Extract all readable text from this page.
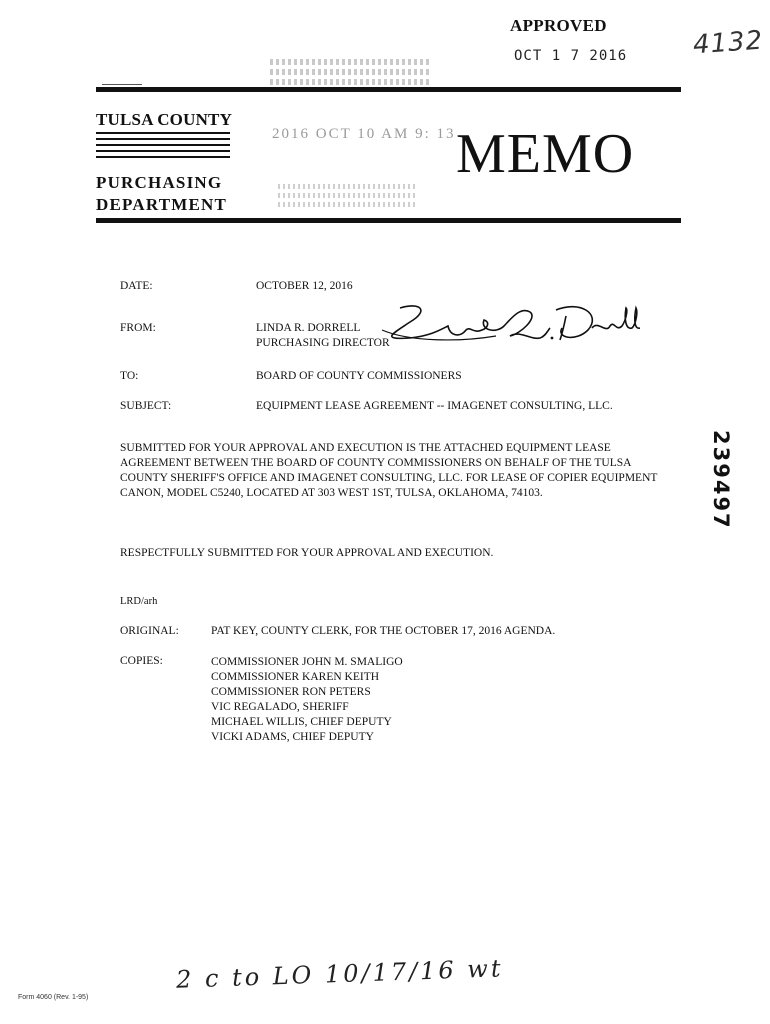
APPROVED
OCT 1 7 2016 4132
2016 OCT 10 AM 9: 13
TULSA COUNTY
PURCHASING
DEPARTMENT
MEMO
DATE:	OCTOBER 12, 2016
FROM:	LINDA R. DORRELL
PURCHASING DIRECTOR
TO:	BOARD OF COUNTY COMMISSIONERS
SUBJECT:	EQUIPMENT LEASE AGREEMENT -- IMAGENET CONSULTING, LLC.
SUBMITTED FOR YOUR APPROVAL AND EXECUTION IS THE ATTACHED EQUIPMENT LEASE AGREEMENT BETWEEN THE BOARD OF COUNTY COMMISSIONERS ON BEHALF OF THE TULSA COUNTY SHERIFF'S OFFICE AND IMAGENET CONSULTING, LLC. FOR LEASE OF COPIER EQUIPMENT CANON, MODEL C5240, LOCATED AT 303 WEST 1ST, TULSA, OKLAHOMA, 74103.
RESPECTFULLY SUBMITTED FOR YOUR APPROVAL AND EXECUTION.
LRD/arh
ORIGINAL:	PAT KEY, COUNTY CLERK, FOR THE OCTOBER 17, 2016 AGENDA.
COPIES:	COMMISSIONER JOHN M. SMALIGO
COMMISSIONER KAREN KEITH
COMMISSIONER RON PETERS
VIC REGALADO, SHERIFF
MICHAEL WILLIS, CHIEF DEPUTY
VICKI ADAMS, CHIEF DEPUTY
239497
2 c to LO 10/17/16 wt
Form 4060 (Rev. 1-95)
